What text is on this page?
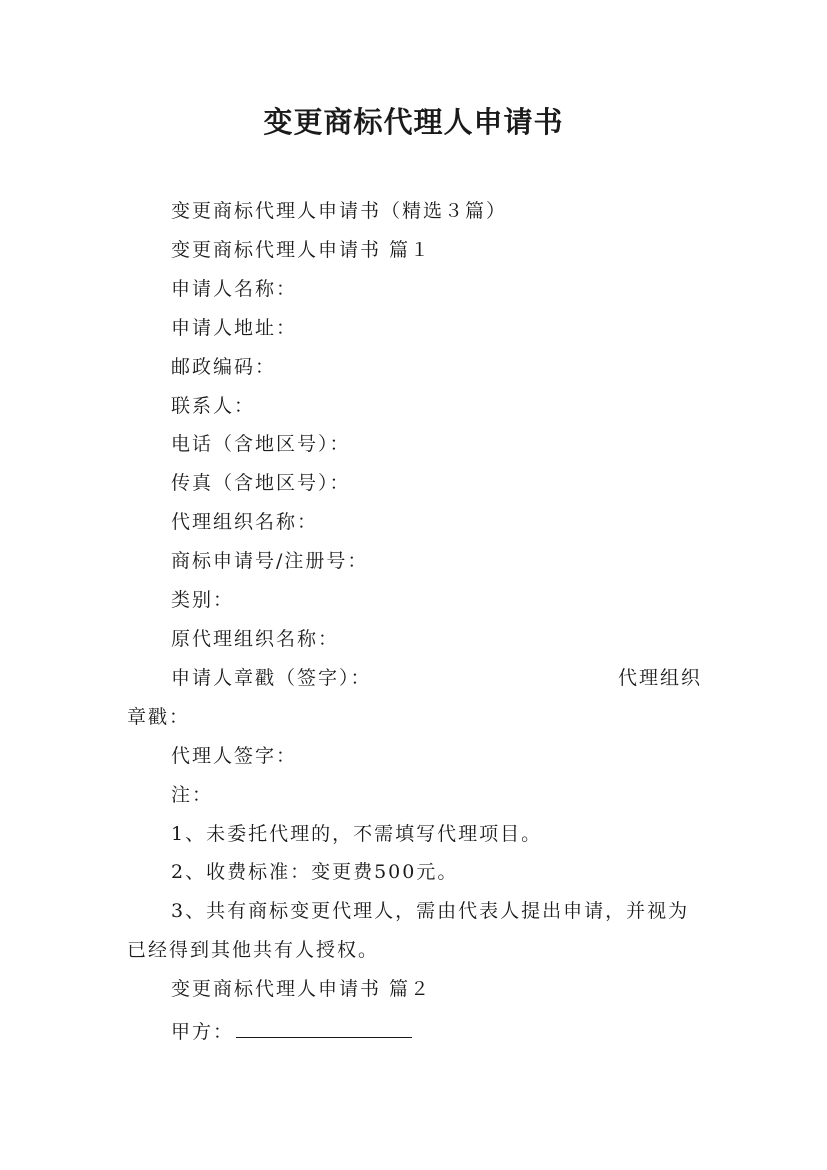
变更商标代理人申请书

变更商标代理人申请书（精选３篇）

变更商标代理人申请书 篇１

申请人名称：

申请人地址：

邮政编码：

联系人：

电话（含地区号）：

传真（含地区号）：

代理组织名称：

商标申请号/注册号：

类别：

原代理组织名称：

申请人章戳（签字）：	代理组织

章戳：

代理人签字：

注：

1、未委托代理的，不需填写代理项目。

2、收费标准：变更费500元。

3、共有商标变更代理人，需由代表人提出申请，并视为已经得到其他共有人授权。

变更商标代理人申请书 篇２

甲方：
